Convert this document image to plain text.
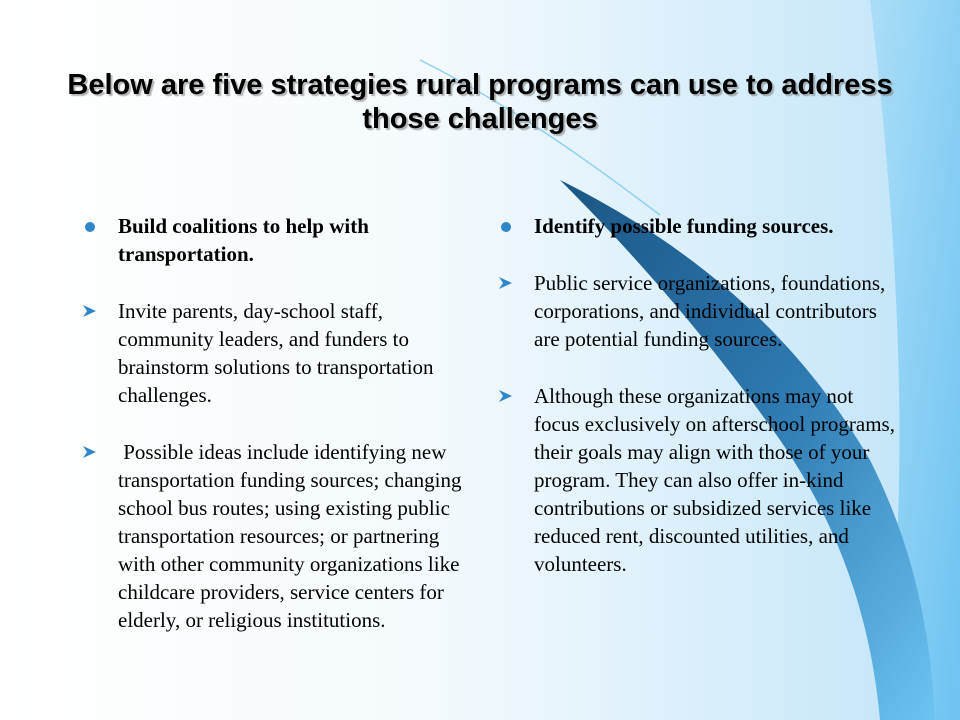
Below are five strategies rural programs can use to address those challenges
Build coalitions to help with transportation.
Invite parents, day-school staff, community leaders, and funders to brainstorm solutions to transportation challenges.
Possible ideas include identifying new transportation funding sources; changing school bus routes; using existing public transportation resources; or partnering with other community organizations like childcare providers, service centers for elderly, or religious institutions.
Identify possible funding sources.
Public service organizations, foundations, corporations, and individual contributors are potential funding sources.
Although these organizations may not focus exclusively on afterschool programs, their goals may align with those of your program. They can also offer in-kind contributions or subsidized services like reduced rent, discounted utilities, and volunteers.
